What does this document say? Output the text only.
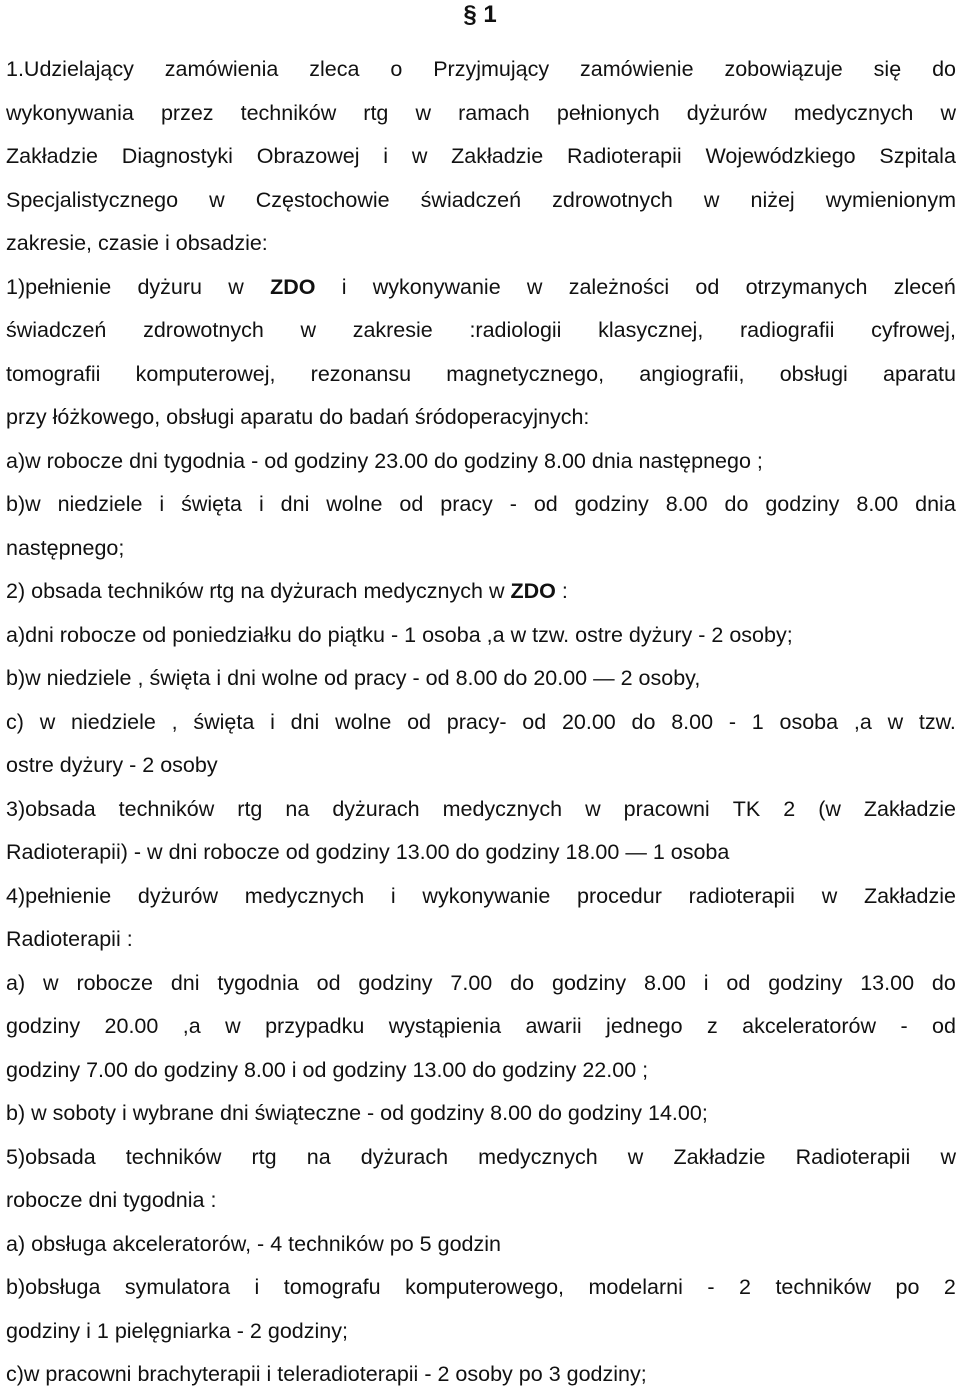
§ 1
1.Udzielający zamówienia zleca o Przyjmujący zamówienie zobowiązuje się do
wykonywania przez techników rtg w ramach pełnionych dyżurów medycznych w
Zakładzie Diagnostyki Obrazowej i w Zakładzie Radioterapii Wojewódzkiego Szpitala
Specjalistycznego w Częstochowie świadczeń zdrowotnych w niżej wymienionym
zakresie, czasie i obsadzie:
1)pełnienie dyżuru w ZDO i wykonywanie w zależności od otrzymanych zleceń
świadczeń zdrowotnych w zakresie :radiologii klasycznej, radiografii cyfrowej,
tomografii komputerowej, rezonansu magnetycznego, angiografii, obsługi aparatu
przy łóżkowego, obsługi aparatu do badań śródoperacyjnych:
a)w robocze dni tygodnia - od godziny 23.00 do godziny 8.00 dnia następnego ;
b)w niedziele i święta i dni wolne od pracy - od godziny 8.00 do godziny 8.00 dnia
następnego;
2) obsada techników rtg na dyżurach medycznych w ZDO :
a)dni robocze od poniedziałku do piątku - 1 osoba ,a w tzw. ostre dyżury - 2 osoby;
b)w niedziele , święta i dni wolne od pracy - od 8.00 do 20.00 — 2 osoby,
c) w niedziele , święta i dni wolne od pracy- od 20.00 do 8.00 - 1 osoba ,a w tzw.
ostre dyżury - 2 osoby
3)obsada techników rtg na dyżurach medycznych w pracowni TK 2 (w Zakładzie
Radioterapii) - w dni robocze od godziny 13.00 do godziny 18.00 — 1 osoba
4)pełnienie dyżurów medycznych i wykonywanie procedur radioterapii w Zakładzie
Radioterapii :
a) w robocze dni tygodnia od godziny 7.00 do godziny 8.00 i od godziny 13.00 do
godziny 20.00 ,a w przypadku wystąpienia awarii jednego z akceleratorów - od
godziny 7.00 do godziny 8.00 i od godziny 13.00 do godziny 22.00 ;
b) w soboty i wybrane dni świąteczne - od godziny 8.00 do godziny 14.00;
5)obsada techników rtg na dyżurach medycznych w Zakładzie Radioterapii w
robocze dni tygodnia :
a) obsługa akceleratorów, - 4 techników po 5 godzin
b)obsługa symulatora i tomografu komputerowego, modelarni - 2 techników po 2
godziny i 1 pielęgniarka - 2 godziny;
c)w pracowni brachyterapii i teleradioterapii - 2 osoby po 3 godziny;
